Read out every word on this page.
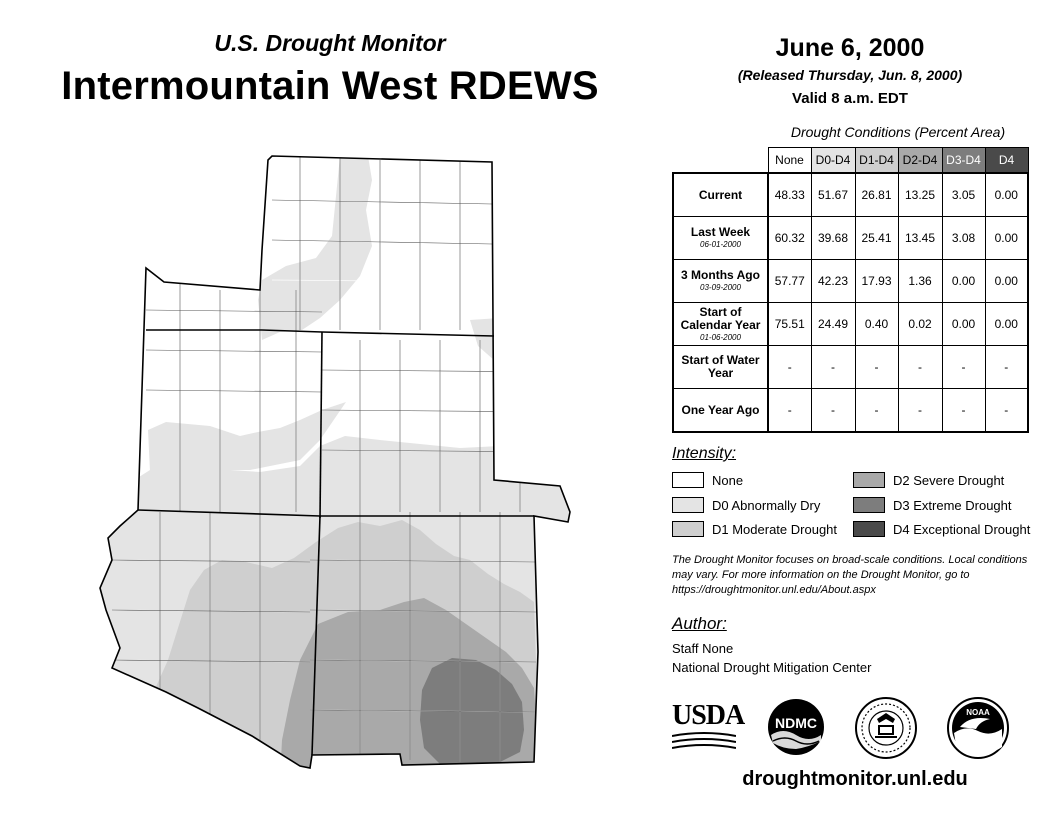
U.S. Drought Monitor
Intermountain West RDEWS
June 6, 2000
(Released Thursday, Jun. 8, 2000)
Valid 8 a.m. EDT
Drought Conditions (Percent Area)
	None	D0-D4	D1-D4	D2-D4	D3-D4	D4
Current	48.33	51.67	26.81	13.25	3.05	0.00
Last Week
06-01-2000	60.32	39.68	25.41	13.45	3.08	0.00
3 Months Ago
03-09-2000	57.77	42.23	17.93	1.36	0.00	0.00
Start of Calendar Year
01-06-2000	75.51	24.49	0.40	0.02	0.00	0.00
Start of Water Year	-	-	-	-	-	-
One Year Ago	-	-	-	-	-	-
Intensity:
None
D0 Abnormally Dry
D1 Moderate Drought
D2 Severe Drought
D3 Extreme Drought
D4 Exceptional Drought
The Drought Monitor focuses on broad-scale conditions. Local conditions may vary. For more information on the Drought Monitor, go to https://droughtmonitor.unl.edu/About.aspx
Author:
Staff None
National Drought Mitigation Center
USDA NDMC
NOAA
droughtmonitor.unl.edu
